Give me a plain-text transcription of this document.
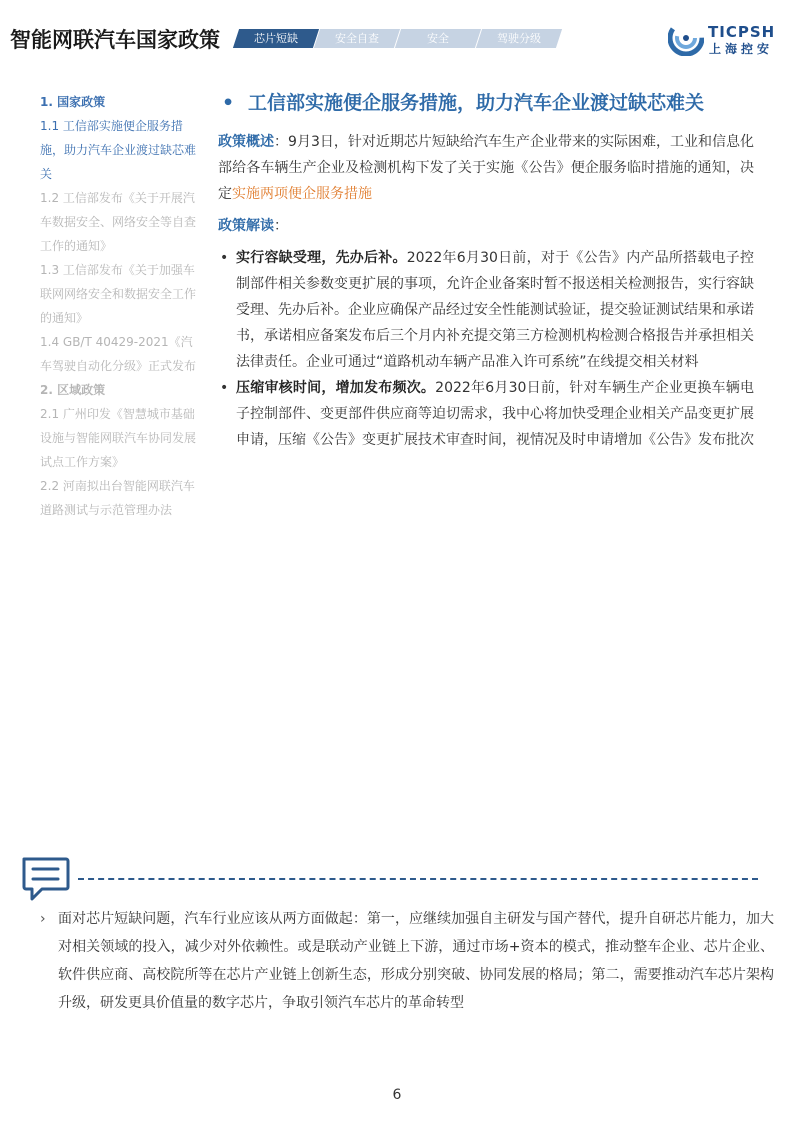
智能网联汽车国家政策	芯片短缺	安全自查	安全	驾驶分级	TICPSH
上海控安
1. 国家政策
1.1 工信部实施便企服务措施，助力汽车企业渡过缺芯难关
1.2 工信部发布《关于开展汽车数据安全、网络安全等自查工作的通知》
1.3 工信部发布《关于加强车联网网络安全和数据安全工作的通知》
1.4 GB/T 40429-2021《汽车驾驶自动化分级》正式发布
2. 区域政策
2.1 广州印发《智慧城市基础设施与智能网联汽车协同发展试点工作方案》
2.2 河南拟出台智能网联汽车道路测试与示范管理办法
• 工信部实施便企服务措施，助力汽车企业渡过缺芯难关
政策概述：9月3日，针对近期芯片短缺给汽车生产企业带来的实际困难，工业和信息化部给各车辆生产企业及检测机构下发了关于实施《公告》便企服务临时措施的通知，决定实施两项便企服务措施
政策解读：
• 实行容缺受理，先办后补。2022年6月30日前，对于《公告》内产品所搭载电子控制部件相关参数变更扩展的事项，允许企业备案时暂不报送相关检测报告，实行容缺受理、先办后补。企业应确保产品经过安全性能测试验证，提交验证测试结果和承诺书，承诺相应备案发布后三个月内补充提交第三方检测机构检测合格报告并承担相关法律责任。企业可通过“道路机动车辆产品准入许可系统”在线提交相关材料
• 压缩审核时间，增加发布频次。2022年6月30日前，针对车辆生产企业更换车辆电子控制部件、变更部件供应商等迫切需求，我中心将加快受理企业相关产品变更扩展申请，压缩《公告》变更扩展技术审查时间，视情况及时申请增加《公告》发布批次
› 面对芯片短缺问题，汽车行业应该从两方面做起：第一，应继续加强自主研发与国产替代，提升自研芯片能力，加大对相关领域的投入，减少对外依赖性。或是联动产业链上下游，通过市场+资本的模式，推动整车企业、芯片企业、软件供应商、高校院所等在芯片产业链上创新生态，形成分别突破、协同发展的格局；第二，需要推动汽车芯片架构升级，研发更具价值量的数字芯片，争取引领汽车芯片的革命转型
6
